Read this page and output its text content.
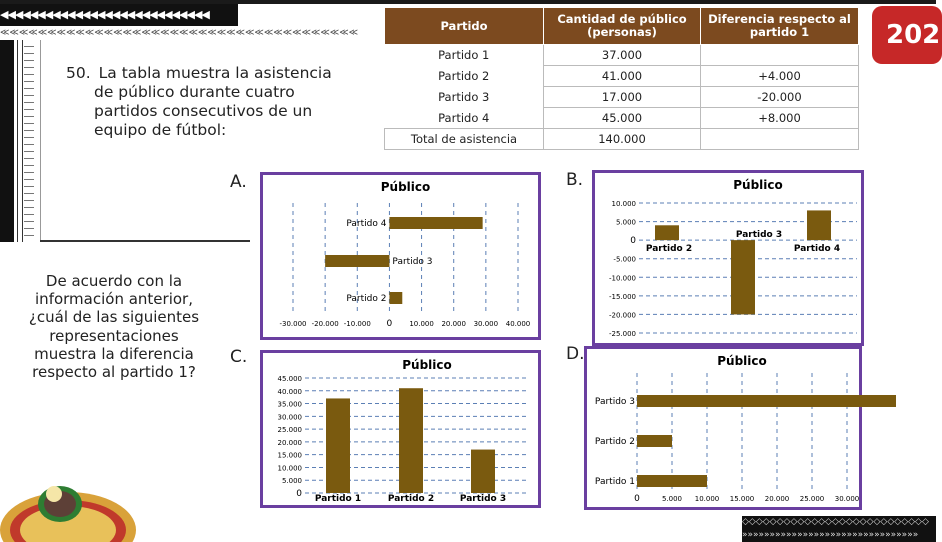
◀◀◀◀◀◀◀◀◀◀◀◀◀◀◀◀◀◀◀◀◀◀◀◀◀◀◀◀
≪≪≪≪≪≪≪≪≪≪≪≪≪≪≪≪≪≪≪≪≪≪≪≪≪≪≪≪≪≪≪≪≪≪≪≪≪≪
◇◇◇◇◇◇◇◇◇◇◇◇◇◇◇◇◇◇◇◇◇◇◇◇◇◇◇
»»»»»»»»»»»»»»»»»»»»»»»»»»»»»»»»
202
50. La tabla muestra la asistencia
de público durante cuatro
partidos consecutivos de un
equipo de fútbol:
De acuerdo con la
información anterior,
¿cuál de las siguientes
representaciones
muestra la diferencia
respecto al partido 1?
Partido	Cantidad de público (personas)	Diferencia respecto al partido 1
Partido 1	37.000	
Partido 2	41.000	+4.000
Partido 3	17.000	-20.000
Partido 4	45.000	+8.000
Total de asistencia	140.000	
A.	B.
C.	D.
Público
-30.000 -20.000 -10.000 0 10.000 20.000 30.000 40.000
Partido 2
Partido 3
Partido 4
Público
10.000
5.000
0
-5.000
-10.000
-15.000
-20.000
-25.000
Partido 2
Partido 3
Partido 4
Público
45.000
40.000
35.000
30.000
25.000
20.000
15.000
10.000
5.000
0 Partido 1	Partido 2	Partido 3
Público
0	5.000 10.000 15.000 20.000 25.000 30.000
Partido 1
Partido 2
Partido 3
